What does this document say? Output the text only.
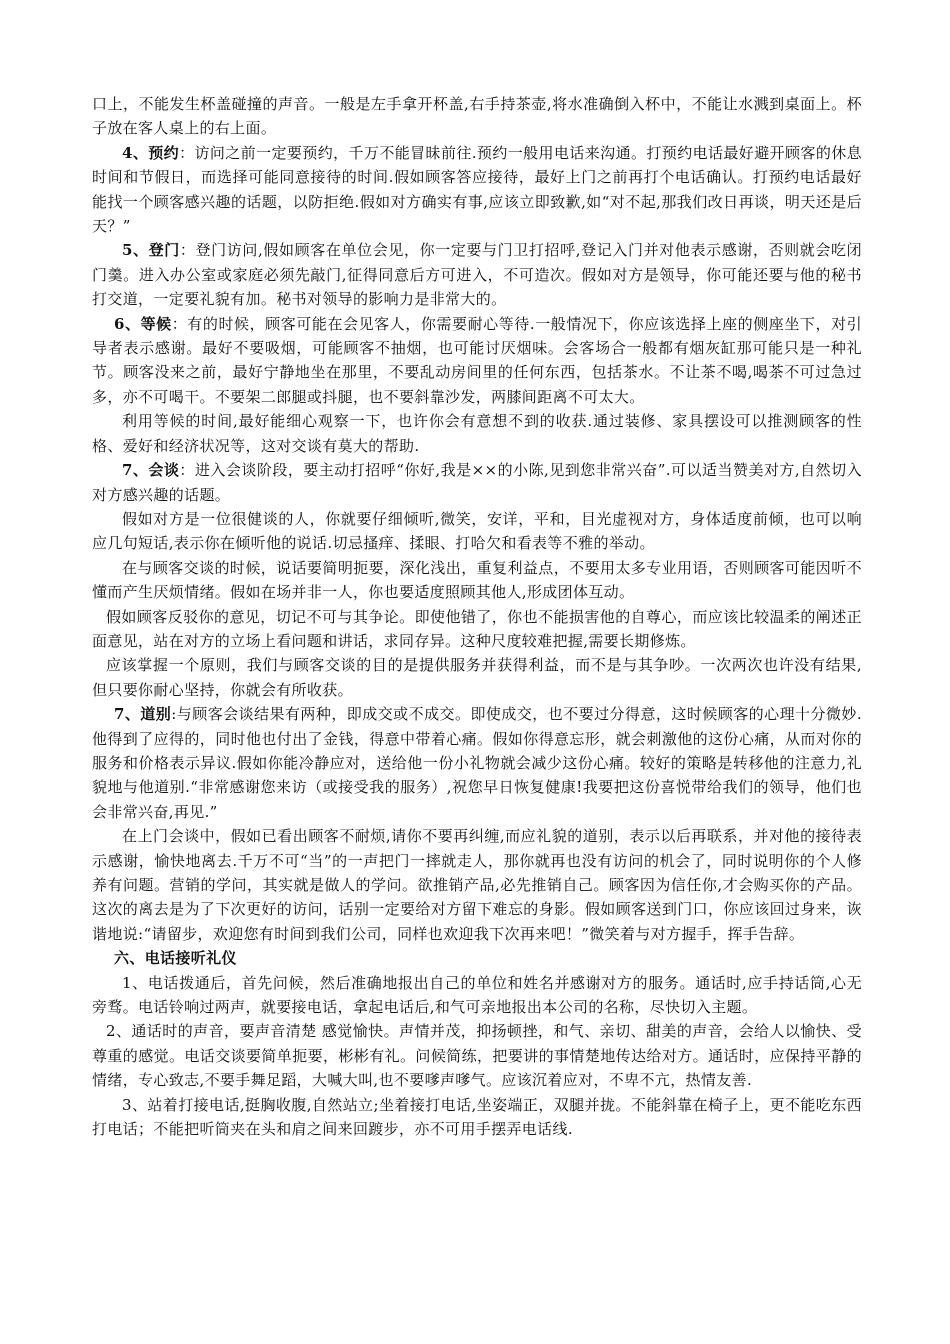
口上，不能发生杯盖碰撞的声音。一般是左手拿开杯盖,右手持茶壶,将水准确倒入杯中，不能让水溅到桌面上。杯子放在客人桌上的右上面。

4、预约：访问之前一定要预约，千万不能冒昧前往.预约一般用电话来沟通。打预约电话最好避开顾客的休息时间和节假日，而选择可能同意接待的时间.假如顾客答应接待，最好上门之前再打个电话确认。打预约电话最好能找一个顾客感兴趣的话题，以防拒绝.假如对方确实有事,应该立即致歉,如“对不起,那我们改日再谈，明天还是后天？”

5、登门：登门访问,假如顾客在单位会见，你一定要与门卫打招呼,登记入门并对他表示感谢，否则就会吃闭门羹。进入办公室或家庭必须先敲门,征得同意后方可进入，不可造次。假如对方是领导，你可能还要与他的秘书打交道，一定要礼貌有加。秘书对领导的影响力是非常大的。

6、等候：有的时候，顾客可能在会见客人，你需要耐心等待.一般情况下，你应该选择上座的侧座坐下，对引导者表示感谢。最好不要吸烟，可能顾客不抽烟，也可能讨厌烟味。会客场合一般都有烟灰缸那可能只是一种礼节。顾客没来之前，最好宁静地坐在那里，不要乱动房间里的任何东西，包括茶水。不让茶不喝,喝茶不可过急过多，亦不可喝干。不要架二郎腿或抖腿，也不要斜靠沙发，两膝间距离不可太大。

利用等候的时间,最好能细心观察一下，也许你会有意想不到的收获.通过装修、家具摆设可以推测顾客的性格、爱好和经济状况等，这对交谈有莫大的帮助.

7、会谈：进入会谈阶段，要主动打招呼“你好,我是××的小陈,见到您非常兴奋”.可以适当赞美对方,自然切入对方感兴趣的话题。

假如对方是一位很健谈的人，你就要仔细倾听,微笑，安详，平和，目光虚视对方，身体适度前倾，也可以响应几句短话,表示你在倾听他的说话.切忌搔痒、揉眼、打哈欠和看表等不雅的举动。

在与顾客交谈的时候，说话要简明扼要，深化浅出，重复利益点，不要用太多专业用语，否则顾客可能因听不懂而产生厌烦情绪。假如在场并非一人，你也要适度照顾其他人,形成团体互动。

假如顾客反驳你的意见，切记不可与其争论。即使他错了，你也不能损害他的自尊心，而应该比较温柔的阐述正面意见，站在对方的立场上看问题和讲话，求同存异。这种尺度较难把握,需要长期修炼。

应该掌握一个原则，我们与顾客交谈的目的是提供服务并获得利益，而不是与其争吵。一次两次也许没有结果,但只要你耐心坚持，你就会有所收获。

7、道别:与顾客会谈结果有两种，即成交或不成交。即使成交，也不要过分得意，这时候顾客的心理十分微妙.他得到了应得的，同时他也付出了金钱，得意中带着心痛。假如你得意忘形，就会刺激他的这份心痛，从而对你的服务和价格表示异议.假如你能冷静应对，送给他一份小礼物就会减少这份心痛。较好的策略是转移他的注意力,礼貌地与他道别.“非常感谢您来访（或接受我的服务）,祝您早日恢复健康!我要把这份喜悦带给我们的领导，他们也会非常兴奋,再见.”

在上门会谈中，假如已看出顾客不耐烦,请你不要再纠缠,而应礼貌的道别，表示以后再联系，并对他的接待表示感谢，愉快地离去.千万不可“当”的一声把门一摔就走人，那你就再也没有访问的机会了，同时说明你的个人修养有问题。营销的学问，其实就是做人的学问。欲推销产品,必先推销自己。顾客因为信任你,才会购买你的产品。这次的离去是为了下次更好的访问，话别一定要给对方留下难忘的身影。假如顾客送到门口，你应该回过身来，诙谐地说:“请留步，欢迎您有时间到我们公司，同样也欢迎我下次再来吧！”微笑着与对方握手，挥手告辞。

六、电话接听礼仪

1、电话拨通后，首先问候，然后准确地报出自己的单位和姓名并感谢对方的服务。通话时,应手持话筒,心无旁骛。电话铃响过两声，就要接电话，拿起电话后,和气可亲地报出本公司的名称，尽快切入主题。

2、通话时的声音，要声音清楚 感觉愉快。声情并茂，抑扬顿挫，和气、亲切、甜美的声音，会给人以愉快、受尊重的感觉。电话交谈要简单扼要，彬彬有礼。问候简练，把要讲的事情楚地传达给对方。通话时，应保持平静的情绪，专心致志,不要手舞足蹈，大喊大叫,也不要嗲声嗲气。应该沉着应对，不卑不亢，热情友善.

3、站着打接电话,挺胸收腹,自然站立;坐着接打电话,坐姿端正，双腿并拢。不能斜靠在椅子上，更不能吃东西打电话；不能把听筒夹在头和肩之间来回踱步，亦不可用手摆弄电话线.
